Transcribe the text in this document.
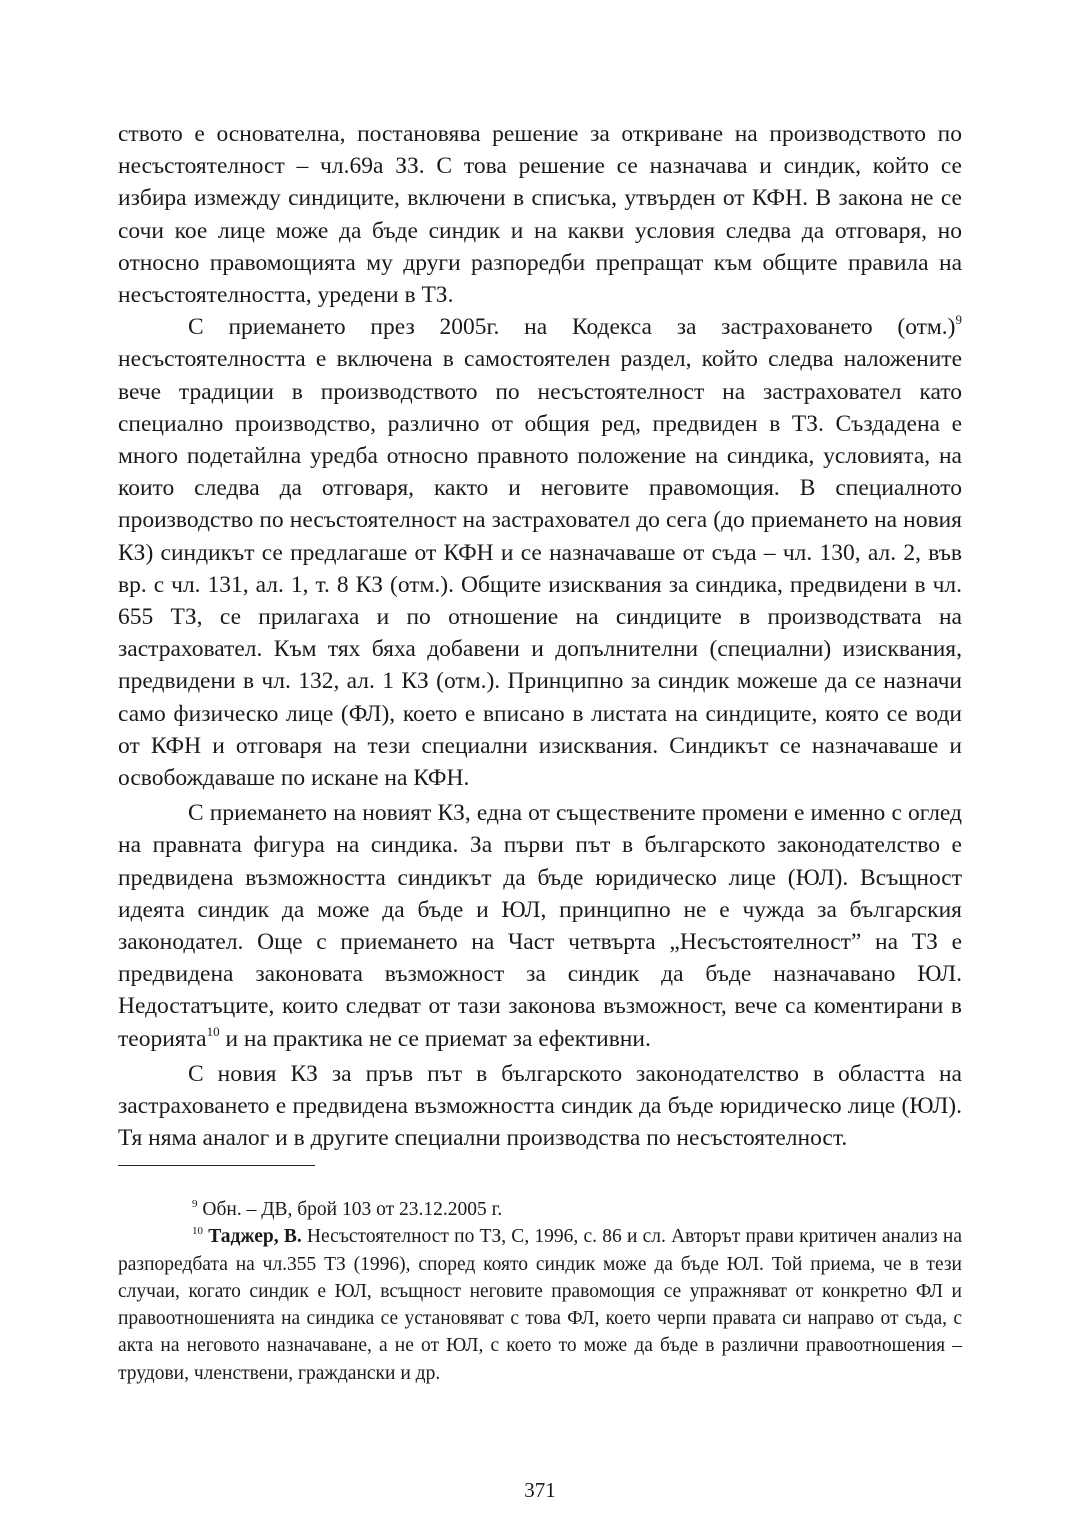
ството е основателна, постановява решение за откриване на производството по несъстоятелност – чл.69а ЗЗ. С това решение се назначава и синдик, който се избира измежду синдиците, включени в списъка, утвърден от КФН. В закона не се сочи кое лице може да бъде синдик и на какви условия следва да отговаря, но относно правомощията му други разпоредби препращат към общите правила на несъстоятелността, уредени в ТЗ.

С приемането през 2005г. на Кодекса за застраховането $(отм.)^9$ несъстоятелността е включена в самостоятелен раздел, който следва наложените вече традиции в производството по несъстоятелност на застраховател като специално производство, различно от общия ред, предвиден в ТЗ. Създадена е много подетайлна уредба относно правното положение на синдика, условията, на които следва да отговаря, както и неговите правомощия. В специалното производство по несъстоятелност на застраховател до сега (до приемането на новия КЗ) синдикът се предлагаше от КФН и се назначаваше от съда – чл. 130, ал. 2, във вр. с чл. 131, ал. 1, т. 8 КЗ (отм.). Общите изисквания за синдика, предвидени в чл. 655 ТЗ, се прилагаха и по отношение на синдиците в производствата на застраховател. Към тях бяха добавени и допълнителни (специални) изисквания, предвидени в чл. 132, ал. 1 КЗ (отм.). Принципно за синдик можеше да се назначи само физическо лице (ФЛ), което е вписано в листата на синдиците, която се води от КФН и отговаря на тези специални изисквания. Синдикът се назначаваше и освобождаваше по искане на КФН.

С приемането на новият КЗ, една от съществените промени е именно с оглед на правната фигура на синдика. За първи път в българското законодателство е предвидена възможността синдикът да бъде юридическо лице (ЮЛ). Всъщност идеята синдик да може да бъде и ЮЛ, принципно не е чужда за българския законодател. Още с приемането на Част четвърта „Несъстоятелност” на ТЗ е предвидена законовата възможност за синдик да бъде назначавано ЮЛ. Недостатъците, които следват от тази законова възможност, вече са коментирани в теорията$^{10}$ и на практика не се приемат за ефективни.

С новия КЗ за пръв път в българското законодателство в областта на застраховането е предвидена възможността синдик да бъде юридическо лице (ЮЛ). Тя няма аналог и в другите специални производства по несъстоятелност.

$^9$ Обн. – ДВ, брой 103 от 23.12.2005 г.

$^{10}$ Таджер, В. Несъстоятелност по ТЗ, С, 1996, с. 86 и сл. Авторът прави критичен анализ на разпоредбата на чл.355 ТЗ (1996), според която синдик може да бъде ЮЛ. Той приема, че в тези случаи, когато синдик е ЮЛ, всъщност неговите правомощия се упражняват от конкретно ФЛ и правоотношенията на синдика се установяват с това ФЛ, което черпи правата си направо от съда, с акта на неговото назначаване, а не от ЮЛ, с което то може да бъде в различни правоотношения – трудови, членствени, граждански и др.

371
